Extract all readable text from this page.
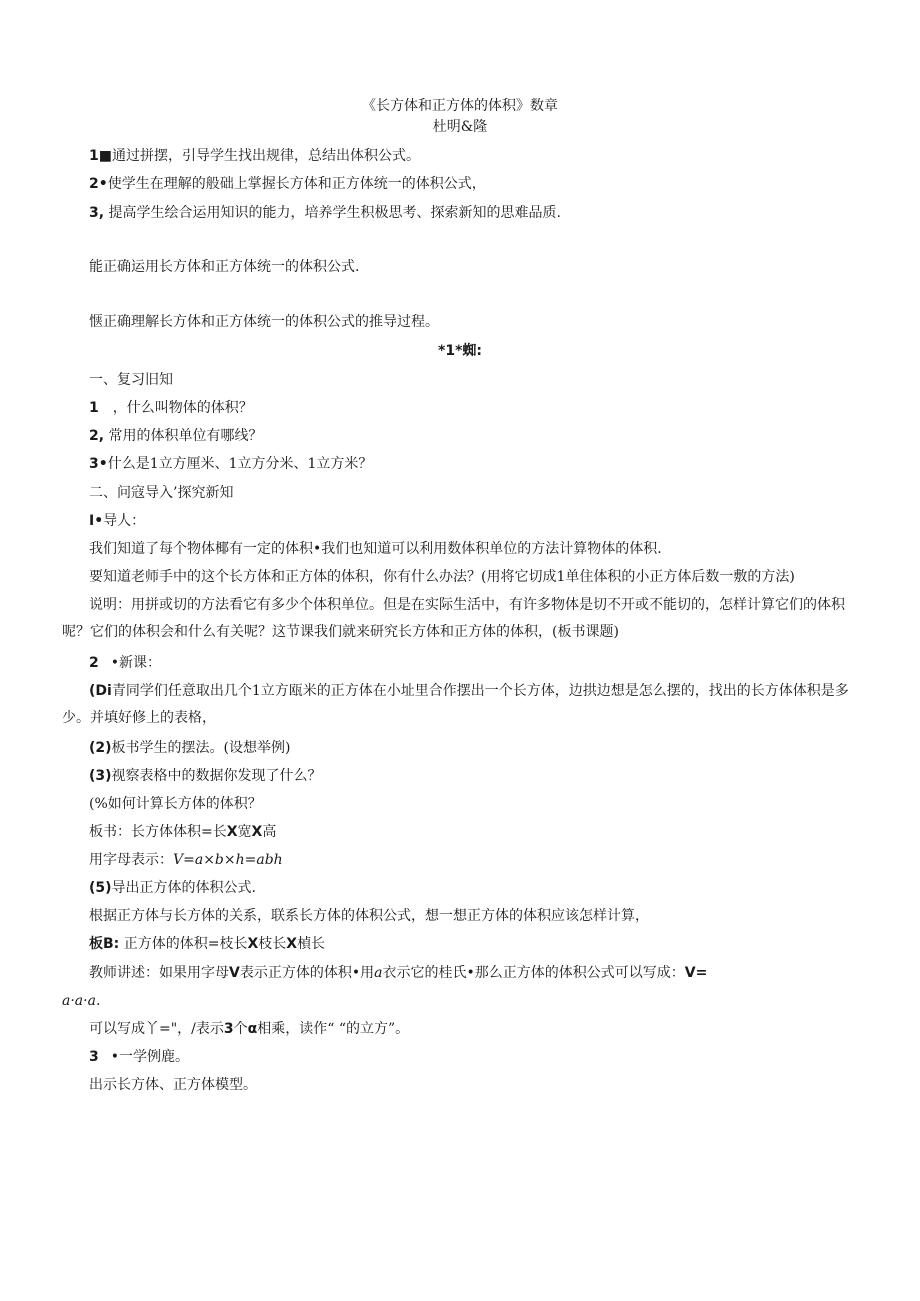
《长方体和正方体的体积》数章
杜明&隆
1■通过拼摆，引导学生找出规律，总结出体积公式。
2•使学生在理解的般础上掌握长方体和正方体统一的体积公式，
3, 提高学生绘合运用知识的能力，培养学生积极思考、探索新知的思难品质.
能正确运用长方体和正方体统一的体积公式.
惬正确理解长方体和正方体统一的体积公式的推导过程。
*1*蜘:
一、复习旧知
1 ，什么叫物体的体积？
2, 常用的体积单位有哪线？
3•什么是1立方厘米、1立方分米、1立方米？
二、问寇导入’探究新知
I•导人：
我们知道了每个物体椰有一定的体积•我们也知道可以利用数体积单位的方法计算物体的体积.
要知道老师手中的这个长方体和正方体的体积，你有什么办法？(用将它切成1单住体积的小正方体后数一敷的方法)
说明：用拼或切的方法看它有多少个体积单位。但是在实际生活中，有许多物体是切不开或不能切的，怎样计算它们的体积呢？它们的体积会和什么有关呢？这节课我们就来研究长方体和正方体的体积，(板书课题)
2 •新课：
(Di青同学们任意取出几个1立方瓯米的正方体在小址里合作摆出一个长方体，边拱边想是怎么摆的，找出的长方体体积是多少。并填好修上的表格，
(2)板书学生的摆法。(设想举例)
(3)视察表格中的数据你发现了什么？
(%如何计算长方体的体积？
板书：长方体体积=长X宽X高
用字母表示：V=a×b×h=abh
(5)导出正方体的体积公式.
根据正方体与长方体的关系，联系长方体的体积公式，想一想正方体的体积应该怎样计算，
板B: 正方体的体积=枝长X枝长X楨长
教师讲述：如果用字母V表示正方体的体积•用a衣示它的桂氏•那么正方体的体积公式可以写成：V=
a·a·a.
可以写成丫="，/表示3个α相乘，读作“ “的立方”。
3 •一学例鹿。
出示长方体、正方体模型。
